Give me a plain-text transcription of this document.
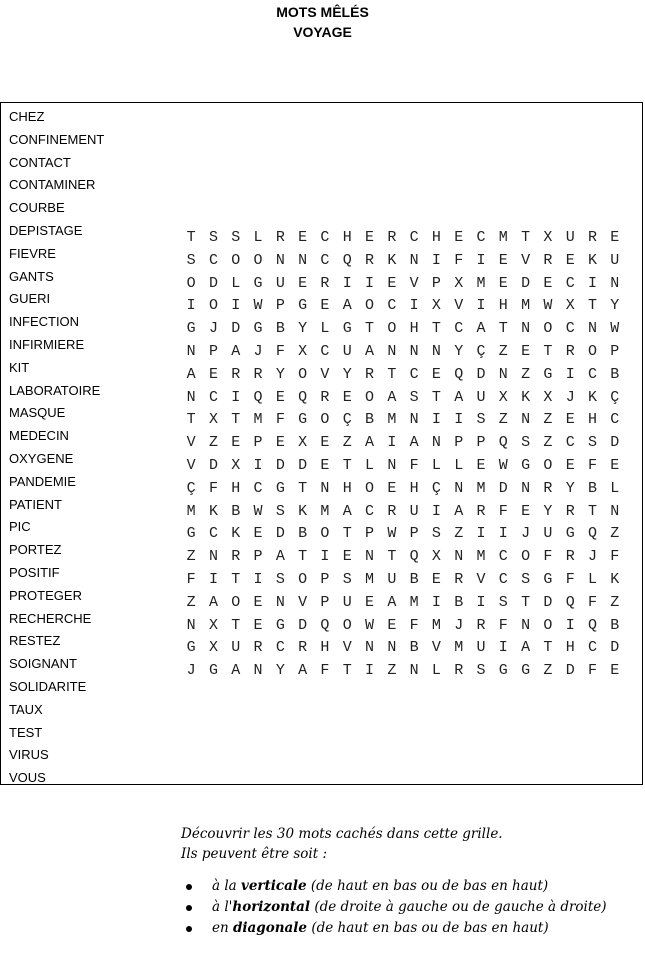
MOTS MÊLÉS
VOYAGE
CHEZ
CONFINEMENT
CONTACT
CONTAMINER
COURBE
DEPISTAGE
FIEVRE
GANTS
GUERI
INFECTION
INFIRMIERE
KIT
LABORATOIRE
MASQUE
MEDECIN
OXYGENE
PANDEMIE
PATIENT
PIC
PORTEZ
POSITIF
PROTEGER
RECHERCHE
RESTEZ
SOIGNANT
SOLIDARITE
TAUX
TEST
VIRUS
VOUS
T S S L R E C H E R C H E C M T X U R E
S C O O N N C Q R K N I F I E V R E K U
O D L G U E R I I E V P X M E D E C I N
I O I W P G E A O C I X V I H M W X T Y
G J D G B Y L G T O H T C A T N O C N W
N P A J F X C U A N N N Y Ç Z E T R O P
A E R R Y O V Y R T C E Q D N Z G I C B
N C I Q E Q R E O A S T A U X K X J K Ç
T X T M F G O Ç B M N I I S Z N Z E H C
V Z E P E X E Z A I A N P P Q S Z C S D
V D X I D D E T L N F L L E W G O E F E
Ç F H C G T N H O E H Ç N M D N R Y B L
M K B W S K M A C R U I A R F E Y R T N
G C K E D B O T P W P S Z I I J U G Q Z
Z N R P A T I E N T Q X N M C O F R J F
F I T I S O P S M U B E R V C S G F L K
Z A O E N V P U E A M I B I S T D Q F Z
N X T E G D Q O W E F M J R F N O I Q B
G X U R C R H V N N B V M U I A T H C D
J G A N Y A F T I Z N L R S G G Z D F E

Découvrir les 30 mots cachés dans cette grille.

Ils peuvent être soit :

à la verticale (de haut en bas ou de bas en haut)
à l'horizontal (de droite à gauche ou de gauche à droite)
en diagonale (de haut en bas ou de bas en haut)
